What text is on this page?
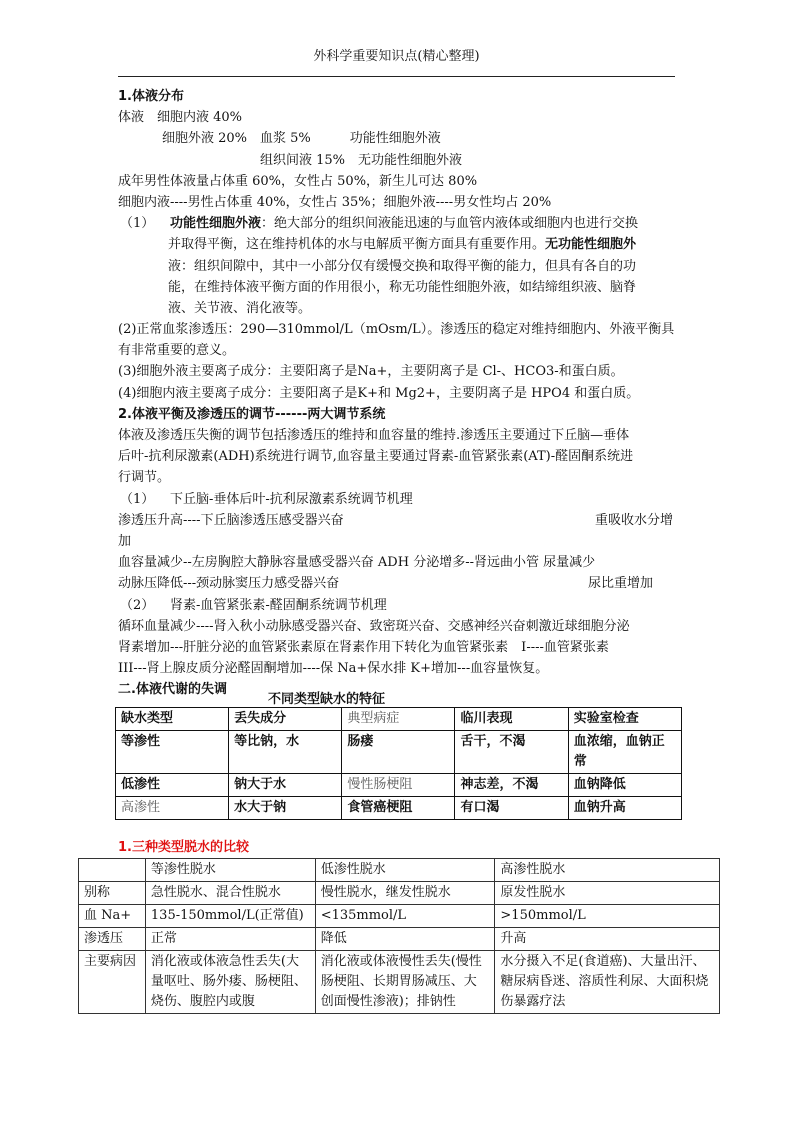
外科学重要知识点(精心整理)
1.体液分布
体液　细胞内液 40%
细胞外液 20%　血浆 5%　　　功能性细胞外液
组织间液 15%　无功能性细胞外液
成年男性体液量占体重 60%，女性占 50%，新生儿可达 80%
细胞内液----男性占体重 40%，女性占 35%；细胞外液----男女性均占 20%
（1） 功能性细胞外液：绝大部分的组织间液能迅速的与血管内液体或细胞内也进行交换
并取得平衡，这在维持机体的水与电解质平衡方面具有重要作用。无功能性细胞外
液：组织间隙中，其中一小部分仅有缓慢交换和取得平衡的能力，但具有各自的功
能，在维持体液平衡方面的作用很小，称无功能性细胞外液，如结缔组织液、脑脊
液、关节液、消化液等。
(2)正常血浆渗透压：290—310mmol/L（mOsm/L）。渗透压的稳定对维持细胞内、外液平衡具
有非常重要的意义。
(3)细胞外液主要离子成分：主要阳离子是Na+，主要阴离子是 Cl-、HCO3-和蛋白质。
(4)细胞内液主要离子成分：主要阳离子是K+和 Mg2+，主要阴离子是 HPO4 和蛋白质。
2.体液平衡及渗透压的调节------两大调节系统
体液及渗透压失衡的调节包括渗透压的维持和血容量的维持.渗透压主要通过下丘脑—垂体
后叶-抗利尿激素(ADH)系统进行调节,血容量主要通过肾素-血管紧张素(AT)-醛固酮系统进
行调节。
（1） 下丘脑-垂体后叶-抗利尿激素系统调节机理
渗透压升高----下丘脑渗透压感受器兴奋	重吸收水分增
加
血容量减少--左房胸腔大静脉容量感受器兴奋 ADH 分泌增多--肾远曲小管 尿量减少
动脉压降低---颈动脉窦压力感受器兴奋	尿比重增加
（2） 肾素-血管紧张素-醛固酮系统调节机理
循环血量减少----肾入秋小动脉感受器兴奋、致密斑兴奋、交感神经兴奋刺激近球细胞分泌
肾素增加---肝脏分泌的血管紧张素原在肾素作用下转化为血管紧张素　I----血管紧张素
III---肾上腺皮质分泌醛固酮增加----保 Na+保水排 K+增加---血容量恢复。
二.体液代谢的失调
不同类型缺水的特征
缺水类型	丢失成分	典型病症	临川表现	实验室检查
等渗性	等比钠，水	肠瘘	舌干，不渴	血浓缩，血钠正常
低渗性	钠大于水	慢性肠梗阻	神志差，不渴	血钠降低
高渗性	水大于钠	食管癌梗阻	有口渴	血钠升高
1.三种类型脱水的比较
	等渗性脱水	低渗性脱水	高渗性脱水
别称	急性脱水、混合性脱水	慢性脱水，继发性脱水	原发性脱水
血 Na+	135-150mmol/L(正常值)	<135mmol/L	>150mmol/L
渗透压	正常	降低	升高
主要病因	消化液或体液急性丢失(大量呕吐、肠外瘘、肠梗阻、烧伤、腹腔内或腹	消化液或体液慢性丢失(慢性肠梗阻、长期胃肠减压、大创面慢性渗液)；排钠性	水分摄入不足(食道癌)、大量出汗、糖尿病昏迷、溶质性利尿、大面积烧伤暴露疗法
